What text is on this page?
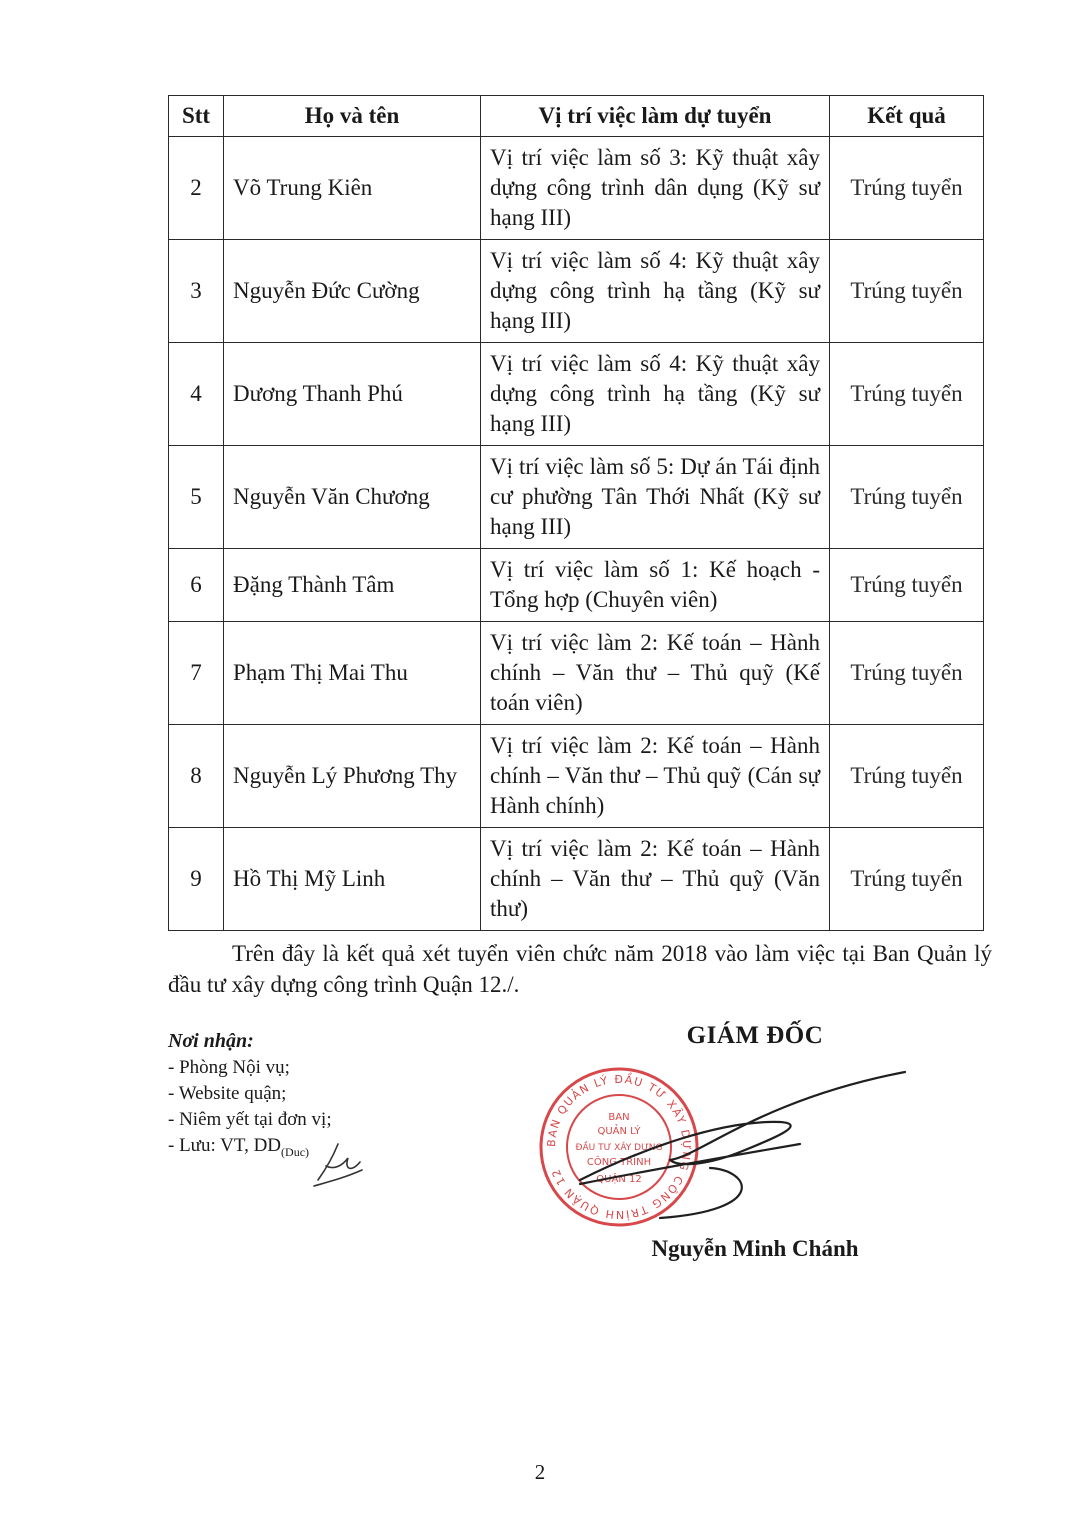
Stt	Họ và tên	Vị trí việc làm dự tuyển	Kết quả
2	Võ Trung Kiên	Vị trí việc làm số 3: Kỹ thuật xây dựng công trình dân dụng (Kỹ sư hạng III)	Trúng tuyển
3	Nguyễn Đức Cường	Vị trí việc làm số 4: Kỹ thuật xây dựng công trình hạ tầng (Kỹ sư hạng III)	Trúng tuyển
4	Dương Thanh Phú	Vị trí việc làm số 4: Kỹ thuật xây dựng công trình hạ tầng (Kỹ sư hạng III)	Trúng tuyển
5	Nguyễn Văn Chương	Vị trí việc làm số 5: Dự án Tái định cư phường Tân Thới Nhất (Kỹ sư hạng III)	Trúng tuyển
6	Đặng Thành Tâm	Vị trí việc làm số 1: Kế hoạch - Tổng hợp (Chuyên viên)	Trúng tuyển
7	Phạm Thị Mai Thu	Vị trí việc làm 2: Kế toán – Hành chính – Văn thư – Thủ quỹ (Kế toán viên)	Trúng tuyển
8	Nguyễn Lý Phương Thy	Vị trí việc làm 2: Kế toán – Hành chính – Văn thư – Thủ quỹ (Cán sự Hành chính)	Trúng tuyển
9	Hồ Thị Mỹ Linh	Vị trí việc làm 2: Kế toán – Hành chính – Văn thư – Thủ quỹ (Văn thư)	Trúng tuyển

Trên đây là kết quả xét tuyển viên chức năm 2018 vào làm việc tại Ban Quản lý đầu tư xây dựng công trình Quận 12./.

Nơi nhận:
- Phòng Nội vụ;
- Website quận;
- Niêm yết tại đơn vị;
- Lưu: VT, $DD_{(Duc)}$
GIÁM ĐỐC
BAN QUẢN LÝ ĐẦU TƯ XÂY DỰNG CÔNG TRÌNH QUẬN 12
BAN
QUẢN LÝ
ĐẦU TƯ XÂY DỰNG
CÔNG TRÌNH
QUẬN 12
Nguyễn Minh Chánh
2
